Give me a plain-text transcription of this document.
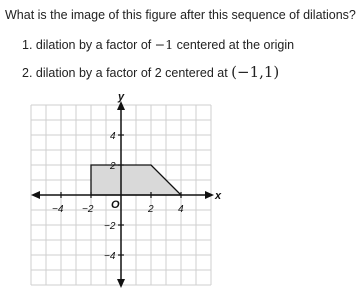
What is the image of this figure after this sequence of dilations?
1. dilation by a factor of −1 centered at the origin
2. dilation by a factor of 2 centered at (−1,1)
x
y
O
−4 −2	2 4
4
2
−2
−4
